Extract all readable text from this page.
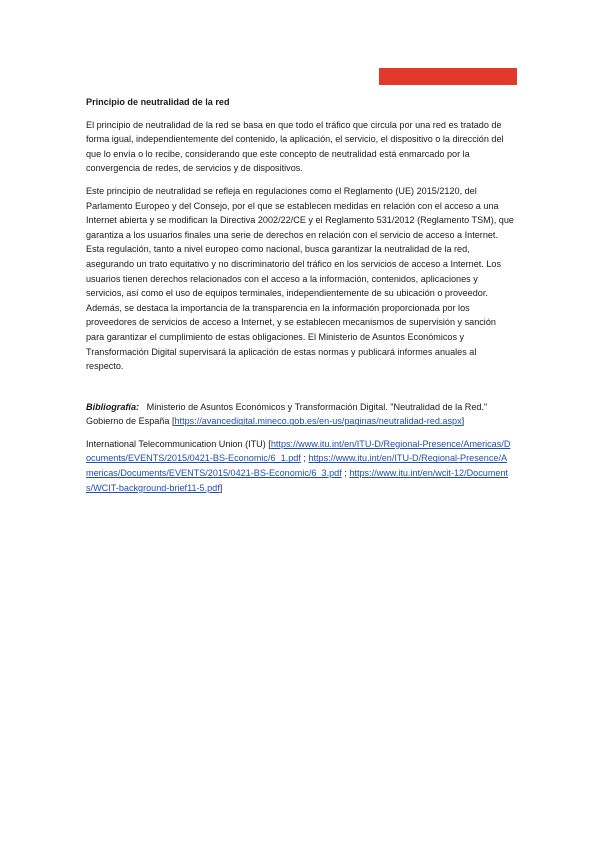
Principio de neutralidad de la red

El principio de neutralidad de la red se basa en que todo el tráfico que circula por una red es tratado de forma igual, independientemente del contenido, la aplicación, el servicio, el dispositivo o la dirección del que lo envía o lo recibe, considerando que este concepto de neutralidad está enmarcado por la convergencia de redes, de servicios y de dispositivos.

Este principio de neutralidad se refleja en regulaciones como el Reglamento (UE) 2015/2120, del Parlamento Europeo y del Consejo, por el que se establecen medidas en relación con el acceso a una Internet abierta y se modifican la Directiva 2002/22/CE y el Reglamento 531/2012 (Reglamento TSM), que garantiza a los usuarios finales una serie de derechos en relación con el servicio de acceso a Internet. Esta regulación, tanto a nivel europeo como nacional, busca garantizar la neutralidad de la red, asegurando un trato equitativo y no discriminatorio del tráfico en los servicios de acceso a Internet. Los usuarios tienen derechos relacionados con el acceso a la información, contenidos, aplicaciones y servicios, así como el uso de equipos terminales, independientemente de su ubicación o proveedor. Además, se destaca la importancia de la transparencia en la información proporcionada por los proveedores de servicios de acceso a Internet, y se establecen mecanismos de supervisión y sanción para garantizar el cumplimiento de estas obligaciones. El Ministerio de Asuntos Económicos y Transformación Digital supervisará la aplicación de estas normas y publicará informes anuales al respecto.

Bibliografía: Ministerio de Asuntos Económicos y Transformación Digital. "Neutralidad de la Red." Gobierno de España [https://avancedigital.mineco.gob.es/en-us/paginas/neutralidad-red.aspx]

International Telecommunication Union (ITU) [https://www.itu.int/en/ITU-D/Regional-Presence/Americas/Documents/EVENTS/2015/0421-BS-Economic/6_1.pdf ; https://www.itu.int/en/ITU-D/Regional-Presence/Americas/Documents/EVENTS/2015/0421-BS-Economic/6_3.pdf ; https://www.itu.int/en/wcit-12/Documents/WCIT-background-brief11-5.pdf]
